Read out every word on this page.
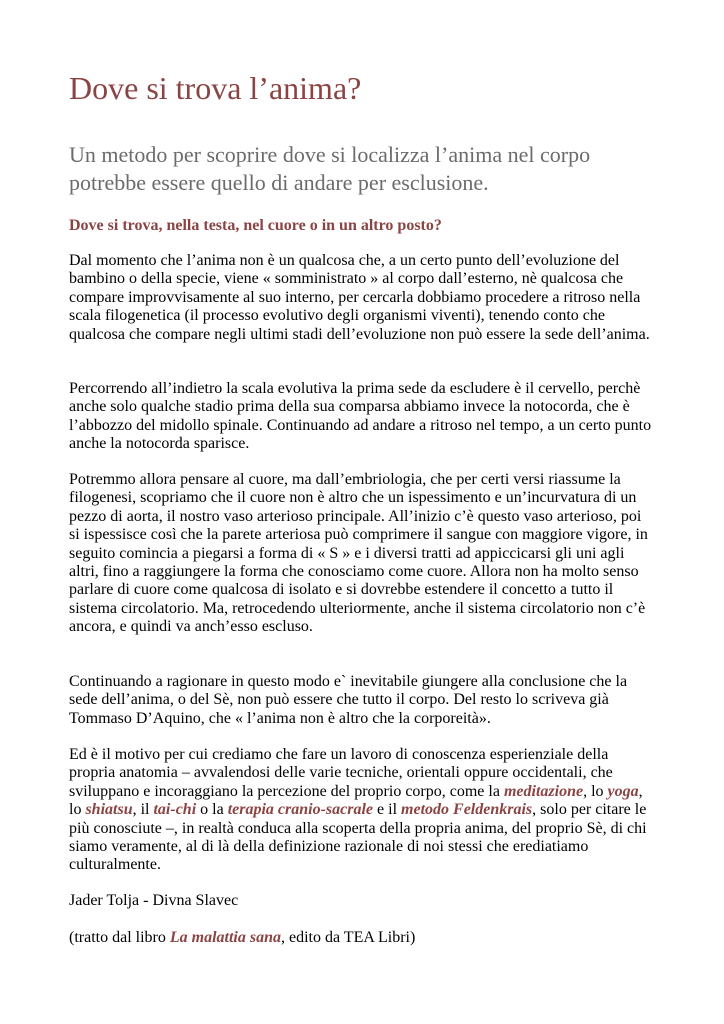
Dove si trova l’anima?

Un metodo per scoprire dove si localizza l’anima nel corpo potrebbe essere quello di andare per esclusione.

Dove si trova, nella testa, nel cuore o in un altro posto?

Dal momento che l’anima non è un qualcosa che, a un certo punto dell’evoluzione del bambino o della specie, viene « somministrato » al corpo dall’esterno, nè qualcosa che compare improvvisamente al suo interno, per cercarla dobbiamo procedere a ritroso nella scala filogenetica (il processo evolutivo degli organismi viventi), tenendo conto che qualcosa che compare negli ultimi stadi dell’evoluzione non può essere la sede dell’anima.

Percorrendo all’indietro la scala evolutiva la prima sede da escludere è il cervello, perchè anche solo qualche stadio prima della sua comparsa abbiamo invece la notocorda, che è l’abbozzo del midollo spinale. Continuando ad andare a ritroso nel tempo, a un certo punto anche la notocorda sparisce.

Potremmo allora pensare al cuore, ma dall’embriologia, che per certi versi riassume la filogenesi, scopriamo che il cuore non è altro che un ispessimento e un’incurvatura di un pezzo di aorta, il nostro vaso arterioso principale. All’inizio c’è questo vaso arterioso, poi si ispessisce così che la parete arteriosa può comprimere il sangue con maggiore vigore, in seguito comincia a piegarsi a forma di « S » e i diversi tratti ad appiccicarsi gli uni agli altri, fino a raggiungere la forma che conosciamo come cuore. Allora non ha molto senso parlare di cuore come qualcosa di isolato e si dovrebbe estendere il concetto a tutto il sistema circolatorio. Ma, retrocedendo ulteriormente, anche il sistema circolatorio non c’è ancora, e quindi va anch’esso escluso.

Continuando a ragionare in questo modo e` inevitabile giungere alla conclusione che la sede dell’anima, o del Sè, non può essere che tutto il corpo. Del resto lo scriveva già Tommaso D’Aquino, che « l’anima non è altro che la corporeità».

Ed è il motivo per cui crediamo che fare un lavoro di conoscenza esperienziale della propria anatomia – avvalendosi delle varie tecniche, orientali oppure occidentali, che sviluppano e incoraggiano la percezione del proprio corpo, come la meditazione, lo yoga, lo shiatsu, il tai-chi o la terapia cranio-sacrale e il metodo Feldenkrais, solo per citare le più conosciute –, in realtà conduca alla scoperta della propria anima, del proprio Sè, di chi siamo veramente, al di là della definizione razionale di noi stessi che erediatiamo culturalmente.

Jader Tolja - Divna Slavec

(tratto dal libro La malattia sana, edito da TEA Libri)
